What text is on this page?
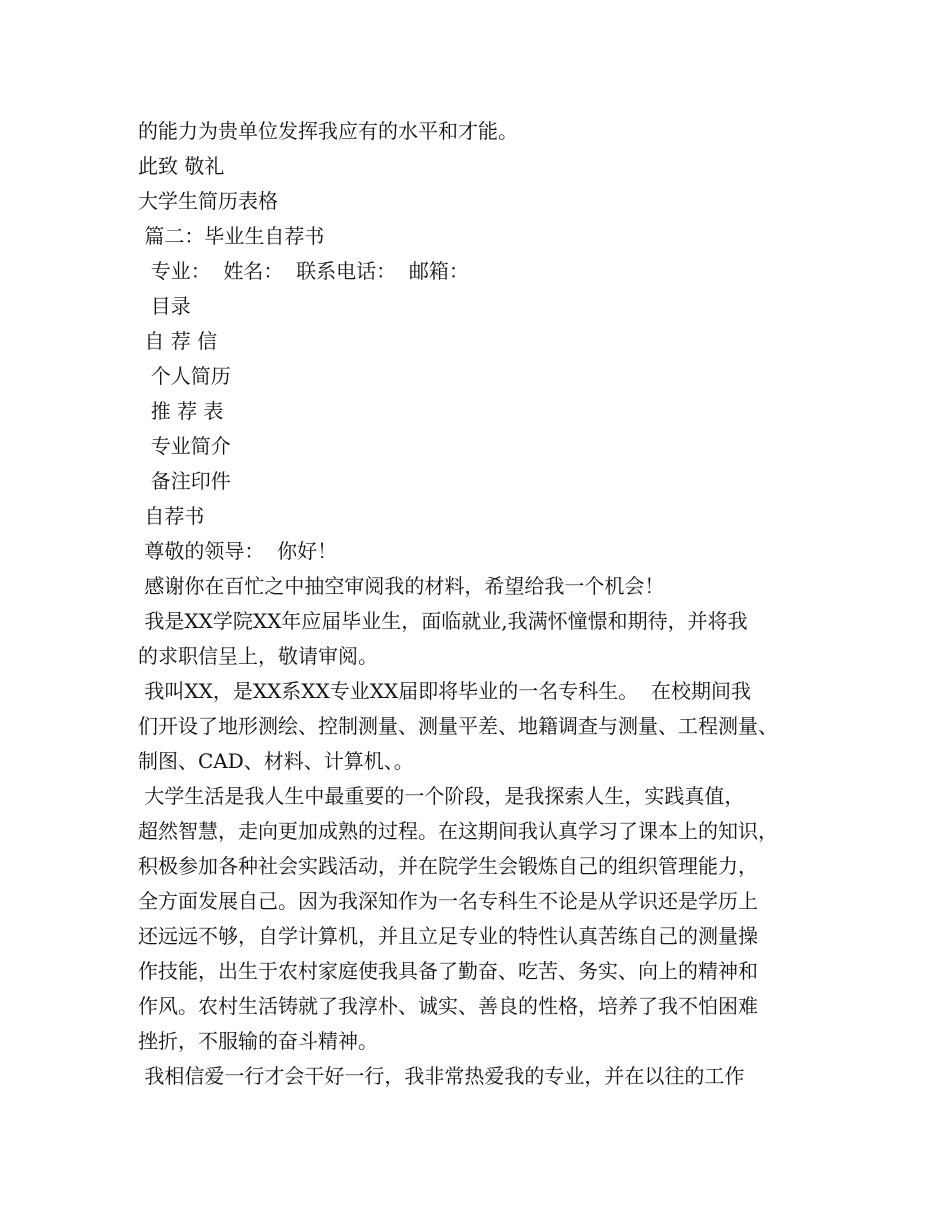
的能力为贵单位发挥我应有的水平和才能。
此致 敬礼
大学生简历表格
篇二：毕业生自荐书
专业：  姓名：  联系电话：  邮箱：
目录
自 荐 信
个人简历
推 荐 表
专业简介
备注印件
自荐书
尊敬的领导：  你好！
感谢你在百忙之中抽空审阅我的材料，希望给我一个机会！
我是XX学院XX年应届毕业生，面临就业,我满怀憧憬和期待，并将我
的求职信呈上，敬请审阅。
我叫XX，是XX系XX专业XX届即将毕业的一名专科生。  在校期间我
们开设了地形测绘、控制测量、测量平差、地籍调查与测量、工程测量、
制图、CAD、材料、计算机、。
大学生活是我人生中最重要的一个阶段，是我探索人生，实践真值，
超然智慧，走向更加成熟的过程。在这期间我认真学习了课本上的知识，
积极参加各种社会实践活动，并在院学生会锻炼自己的组织管理能力，
全方面发展自己。因为我深知作为一名专科生不论是从学识还是学历上
还远远不够，自学计算机，并且立足专业的特性认真苦练自己的测量操
作技能，出生于农村家庭使我具备了勤奋、吃苦、务实、向上的精神和
作风。农村生活铸就了我淳朴、诚实、善良的性格，培养了我不怕困难
挫折，不服输的奋斗精神。
我相信爱一行才会干好一行，我非常热爱我的专业，并在以往的工作
